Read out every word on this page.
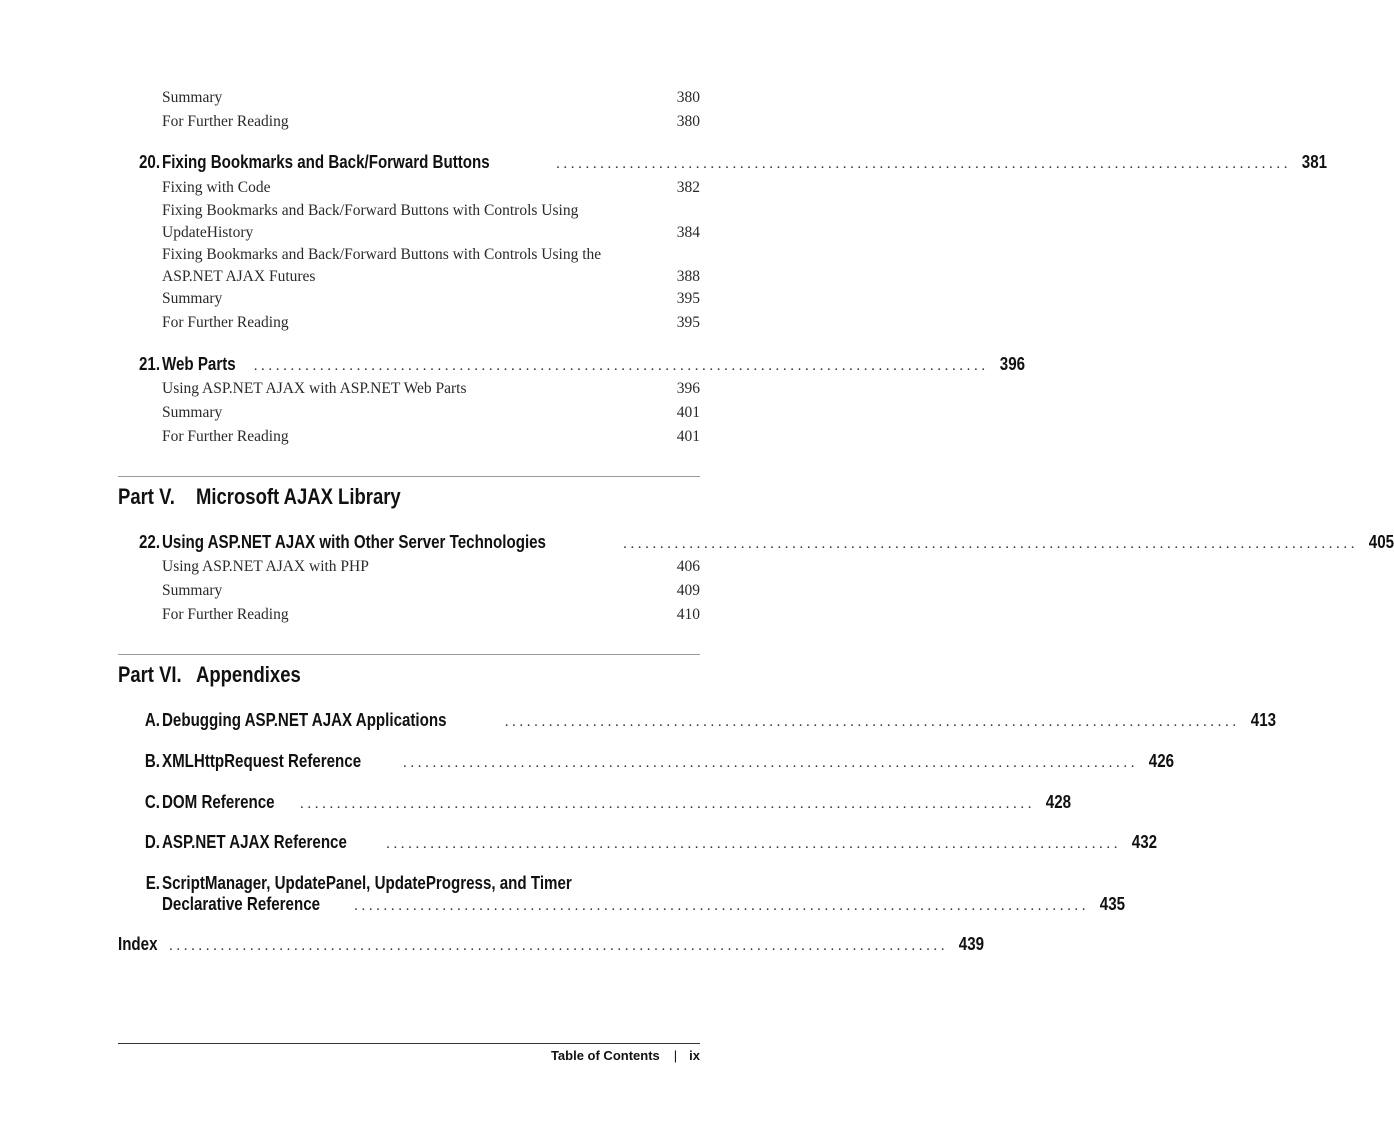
Summary	380
For Further Reading	380
20. Fixing Bookmarks and Back/Forward Buttons	.................................................................................................... 381
Fixing with Code	382
Fixing Bookmarks and Back/Forward Buttons with Controls Using
UpdateHistory	384
Fixing Bookmarks and Back/Forward Buttons with Controls Using the
ASP.NET AJAX Futures	388
Summary	395
For Further Reading	395
21. Web Parts .................................................................................................... 396
Using ASP.NET AJAX with ASP.NET Web Parts	396
Summary	401
For Further Reading	401
Part V. Microsoft AJAX Library
22. Using ASP.NET AJAX with Other Server Technologies	.................................................................................................... 405
Using ASP.NET AJAX with PHP	406
Summary	409
For Further Reading	410
Part VI. Appendixes
A. Debugging ASP.NET AJAX Applications	.................................................................................................... 413
B. XMLHttpRequest Reference	.................................................................................................... 426
C. DOM Reference .................................................................................................... 428
D. ASP.NET AJAX Reference	.................................................................................................... 432
E. ScriptManager, UpdatePanel, UpdateProgress, and Timer
Declarative Reference .................................................................................................... 435
Index .......................................................................................................... 439
Table of Contents | ix
